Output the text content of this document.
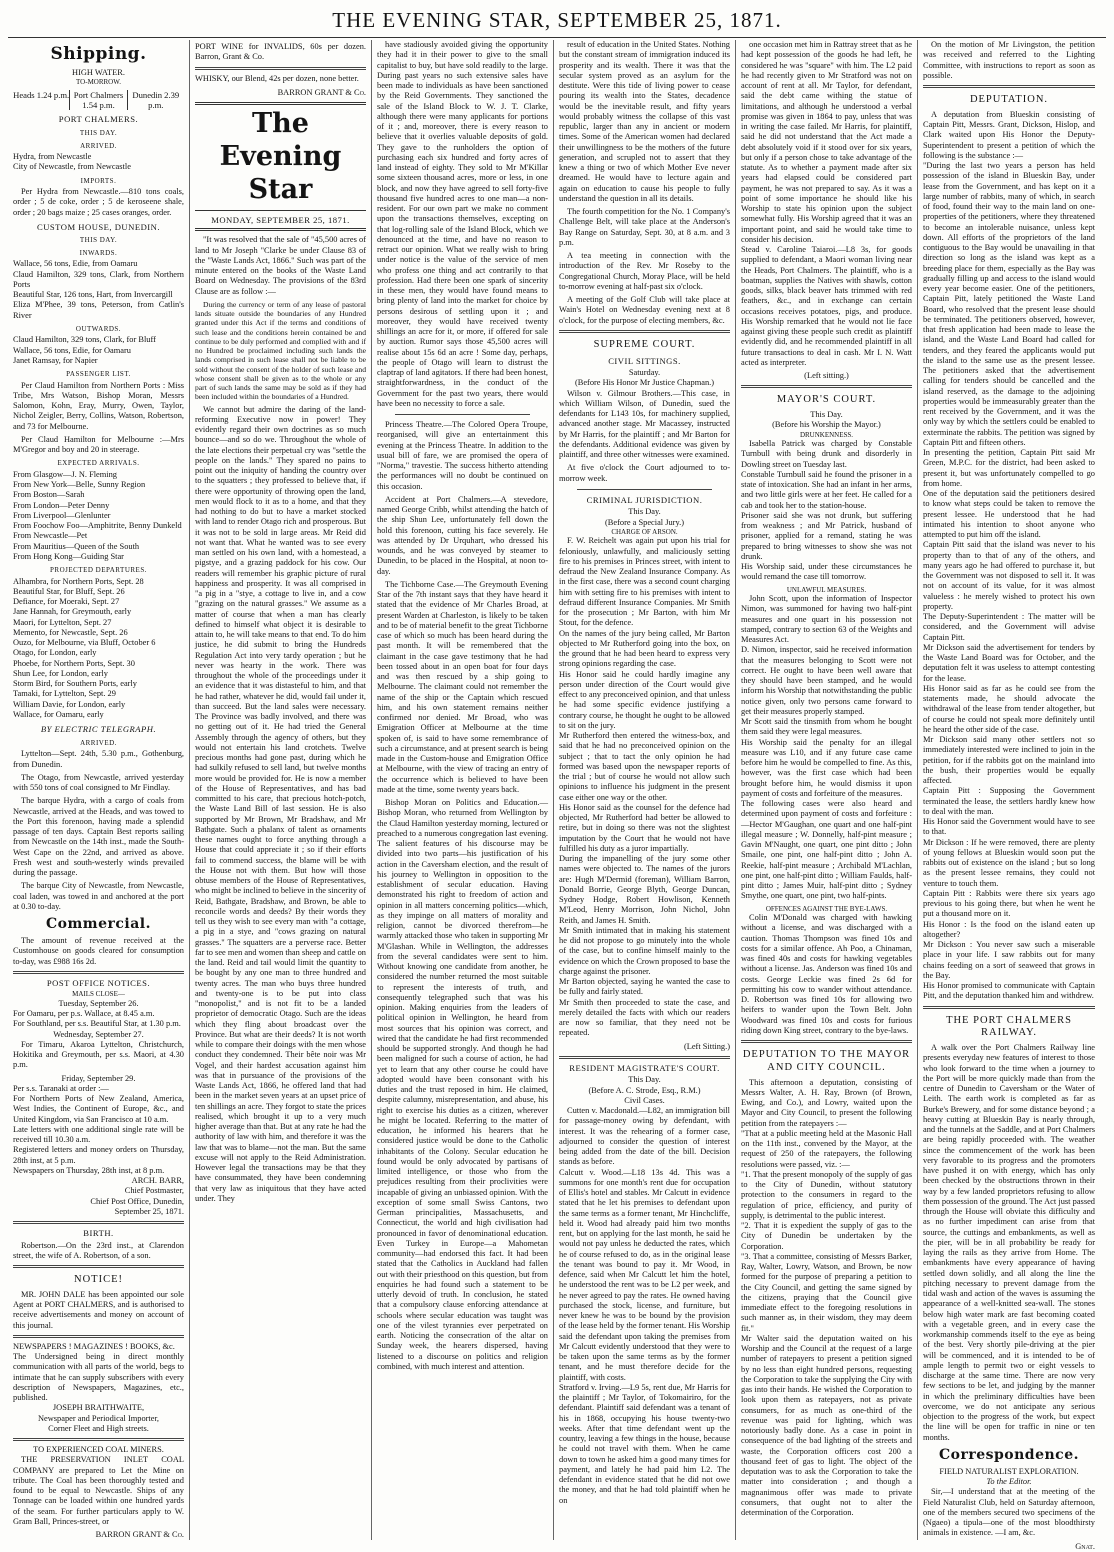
THE EVENING STAR, SEPTEMBER 25, 1871.
Shipping.
HIGH WATER.
TO-MORROW.
Heads 1.24 p.m. Port Chalmers 1.54 p.m.
Dunedin 2.39 p.m.
PORT CHALMERS.
THIS DAY.
ARRIVED.
Hydra, from Newcastle
City of Newcastle, from Newcastle
IMPORTS.
Per Hydra from Newcastle.—810 tons coals, order ; 5 de coke, order ; 5 de keroseene shale, order ; 20 bags maize ; 25 cases oranges, order.
CUSTOM HOUSE, DUNEDIN.
THIS DAY.
INWARDS.
Wallace, 56 tons, Edie, from Oamaru
Claud Hamilton, 329 tons, Clark, from Northern Ports
Beautiful Star, 126 tons, Hart, from Invercargill
Eliza M'Phee, 39 tons, Peterson, from Catlin's River
OUTWARDS.
Claud Hamilton, 329 tons, Clark, for Bluff
Wallace, 56 tons, Edie, for Oamaru
Janet Ramsay, for Napier
PASSENGER LIST.
Per Claud Hamilton from Northern Ports : Miss Tribe, Mrs Watson, Bishop Moran, Messrs Salomon, Kohn, Eray, Murry, Owen, Taylor, Nichol Zeigler, Berry, Collins, Watson, Robertson, and 73 for Melbourne.
Per Claud Hamilton for Melbourne :—Mrs M'Gregor and boy and 20 in steerage.
EXPECTED ARRIVALS.
From Glasgow—J. N. Fleming
From New York—Belle, Sunny Region
From Boston—Sarah
From London—Peter Denny
From Liverpool—Glenlunter
From Foochow Foo—Amphitrite, Benny Dunkeld
From Newcastle—Pet
From Mauritius—Queen of the South
From Hong Kong—Guiding Star
PROJECTED DEPARTURES.
Alhambra, for Northern Ports, Sept. 28
Beautiful Star, for Bluff, Sept. 26
Defiance, for Moeraki, Sept. 27
Jane Hannah, for Greymouth, early
Maori, for Lyttelton, Sept. 27
Memento, for Newcastle, Sept. 26
Ouzo, for Melbourne, via Bluff, October 6
Otago, for London, early
Phoebe, for Northern Ports, Sept. 30
Shun Lee, for London, early
Storm Bird, for Southern Ports, early
Tamaki, for Lyttelton, Sept. 29
William Davie, for London, early
Wallace, for Oamaru, early
BY ELECTRIC TELEGRAPH.
ARRIVED.
Lyttelton—Sept. 24th, 5.30 p.m., Gothenburg, from Dunedin.
The Otago, from Newcastle, arrived yesterday with 550 tons of coal consigned to Mr Findlay.
The barque Hydra, with a cargo of coals from Newcastle, arrived at the Heads, and was towed to the Port this forenoon, having made a splendid passage of ten days. Captain Best reports sailing from Newcastle on the 14th inst., made the South-West Cape on the 22nd, and arrived as above. Fresh west and south-westerly winds prevailed during the passage.
The barque City of Newcastle, from Newcastle, coal laden, was towed in and anchored at the port at 0.30 to-day.
Commercial.
The amount of revenue received at the Customhouse on goods cleared for consumption to-day, was £988 16s 2d.
POST OFFICE NOTICES.
MAILS CLOSE—
Tuesday, September 26.
For Oamaru, per p.s. Wallace, at 8.45 a.m.
For Southland, per s.s. Beautiful Star, at 1.30 p.m.
Wednesday, September 27.
For Timaru, Akaroa Lyttelton, Christchurch, Hokitika and Greymouth, per s.s. Maori, at 4.30 p.m.
Friday, September 29.
Per s.s. Taranaki at order :—
For Northern Ports of New Zealand, America, West Indies, the Continent of Europe, &c., and United Kingdom, via San Francisco at 10 a.m.
Late letters with one additional single rate will be received till 10.30 a.m.
Registered letters and money orders on Thursday, 28th inst, at 5 p.m.
Newspapers on Thursday, 28th inst, at 8 p.m.
ARCH. BARR,
Chief Postmaster,
Chief Post Office, Dunedin,
September 25, 1871.
BIRTH.
Robertson.—On the 23rd inst., at Clarendon street, the wife of A. Robertson, of a son.
NOTICE!
MR. JOHN DALE has been appointed our sole Agent at PORT CHALMERS, and is authorised to receive advertisements and money on account of this journal.
NEWSPAPERS ! MAGAZINES ! BOOKS, &c.
The Undersigned being in direct monthly communication with all parts of the world, begs to intimate that he can supply subscribers with every description of Newspapers, Magazines, etc., published.
JOSEPH BRAITHWAITE,
Newspaper and Periodical Importer,
Corner Fleet and High streets.
TO EXPERIENCED COAL MINERS.
THE PRESERVATION INLET COAL COMPANY are prepared to Let the Mine on tribute. The Coal has been thoroughly tested and found to be equal to Newcastle. Ships of any Tonnage can be loaded within one hundred yards of the seam. For further particulars apply to W. Gram Ball, Princes-street, or
BARRON GRANT & Co.
PORT WINE for INVALIDS, 60s per dozen. Barron, Grant & Co.
WHISKY, our Blend, 42s per dozen, none better.
BARRON GRANT & Co.
The Evening Star
MONDAY, SEPTEMBER 25, 1871.
"It was resolved that the sale of "45,500 acres of land to Mr Joseph "Clarke be under Clause 83 of the "Waste Lands Act, 1866." Such was part of the minute entered on the books of the Waste Land Board on Wednesday. The provisions of the 83rd Clause are as follow :—
During the currency or term of any lease of pastoral lands situate outside the boundaries of any Hundred granted under this Act if the terms and conditions of such lease and the conditions herein contained be and continue to be duly performed and complied with and if no Hundred be proclaimed including such lands the lands comprised in such lease shall not be liable to be sold without the consent of the holder of such lease and whose consent shall be given as to the whole or any part of such lands the same may be sold as if they had been included within the boundaries of a Hundred.
We cannot but admire the daring of the land-reforming Executive now in power! They evidently regard their own doctrines as so much bounce—and so do we. Throughout the whole of the late elections their perpetual cry was "settle the people on the lands." They spared no pains to point out the iniquity of handing the country over to the squatters ; they professed to believe that, if there were opportunity of throwing open the land, men would flock to it as to a home, and that they had nothing to do but to have a market stocked with land to render Otago rich and prosperous. But it was not to be sold in large areas. Mr Reid did not want that. What he wanted was to see every man settled on his own land, with a homestead, a pigstye, and a grazing paddock for his cow. Our readers will remember his graphic picture of rural happiness and prosperity. It was all comprised in "a pig in a "stye, a cottage to live in, and a cow "grazing on the natural grasses." We assume as a matter of course that when a man has clearly defined to himself what object it is desirable to attain to, he will take means to that end. To do him justice, he did submit to bring the Hundreds Regulation Act into very tardy operation ; but he never was hearty in the work. There was throughout the whole of the proceedings under it an evidence that it was distasteful to him, and that he had rather, whatever he did, would fail under it, than succeed. But the land sales were necessary. The Province was badly involved, and there was no getting out of it. He had tried the General Assembly through the agency of others, but they would not entertain his land crotchets. Twelve precious months had gone past, during which he had sulkily refused to sell land, but twelve months more would be provided for. He is now a member of the House of Representatives, and has bad committed to his care, that precious hotch-potch, the Waste Land Bill of last session. He is also supported by Mr Brown, Mr Bradshaw, and Mr Bathgate. Such a phalanx of talent as ornaments these names ought to force anything through a House that could appreciate it ; so if their efforts fail to commend success, the blame will be with the House not with them. But how will those obtuse members of the House of Representatives, who might be inclined to believe in the sincerity of Reid, Bathgate, Bradshaw, and Brown, be able to reconcile words and deeds? By their words they tell us they wish to see every man with "a cottage, a pig in a stye, and "cows grazing on natural grasses." The squatters are a perverse race. Better far to see men and women than sheep and cattle on the land. Reid and tail would limit the quantity to be bought by any one man to three hundred and twenty acres. The man who buys three hundred and twenty-one is to be put into class "monopolist," and is not fit to be a landed proprietor of democratic Otago. Such are the ideas which they fling about broadcast over the Province. But what are their deeds? It is not worth while to compare their doings with the men whose conduct they condemned. Their bête noir was Mr Vogel, and their hardest accusation against him was that in pursuance of the provisions of the Waste Lands Act, 1866, he offered land that had been in the market seven years at an upset price of ten shillings an acre. They forgot to state the prices realised, which brought it up to a very much higher average than that. But at any rate he had the authority of law with him, and therefore it was the law that was to blame—not the man. But the same excuse will not apply to the Reid Administration. However legal the transactions may be that they have consummated, they have been condemning that very law as iniquitous that they have acted under. They
have stadiously avoided giving the opportunity they had it in their power to give to the small capitalist to buy, but have sold readily to the large. During past years no such extensive sales have been made to individuals as have been sanctioned by the Reid Governments. They sanctioned the sale of the Island Block to W. J. T. Clarke, although there were many applicants for portions of it ; and, moreover, there is every reason to believe that it overlies valuable deposits of gold. They gave to the runholders the option of purchasing each six hundred and forty acres of land instead of eighty. They sold to Mr M'Killar some sixteen thousand acres, more or less, in one block, and now they have agreed to sell forty-five thousand five hundred acres to one man—a non-resident. For our own part we make no comment upon the transactions themselves, excepting on that log-rolling sale of the Island Block, which we denounced at the time, and have no reason to retract our opinion. What we really wish to bring under notice is the value of the service of men who profess one thing and act contrarily to that profession. Had there been one spark of sincerity in these men, they would have found means to bring plenty of land into the market for choice by persons desirous of settling upon it ; and moreover, they would have received twenty shillings an acre for it, or more, if offered for sale by auction. Rumor says those 45,500 acres will realise about 15s 6d an acre ! Some day, perhaps, the people of Otago will learn to distrust the claptrap of land agitators. If there had been honest, straightforwardness, in the conduct of the Government for the past two years, there would have been no necessity to force a sale.
Princess Theatre.—The Colored Opera Troupe, reorganised, will give an entertainment this evening at the Princess Theatre. In addition to the usual bill of fare, we are promised the opera of "Norma," travestie. The success hitherto attending the performances will no doubt be continued on this occasion.
Accident at Port Chalmers.—A stevedore, named George Cribb, whilst attending the hatch of the ship Shun Lee, unfortunately fell down the hold this forenoon, cutting his face severely. He was attended by Dr Urquhart, who dressed his wounds, and he was conveyed by steamer to Dunedin, to be placed in the Hospital, at noon to-day.
The Tichborne Case.—The Greymouth Evening Star of the 7th instant says that they have heard it stated that the evidence of Mr Charles Broad, at present Warden at Charleston, is likely to be taken and to be of material benefit to the great Tichborne case of which so much has been heard during the past month. It will be remembered that the claimant in the case gave testimony that he had been tossed about in an open boat for four days and was then rescued by a ship going to Melbourne. The claimant could not remember the name of the ship or the Captain which rescued him, and his own statement remains neither confirmed nor denied. Mr Broad, who was Emigration Officer at Melbourne at the time spoken of, is said to have some remembrance of such a circumstance, and at present search is being made in the Custom-house and Emigration Office at Melbourne, with the view of tracing an entry of the occurrence which is believed to have been made at the time, some twenty years back.
Bishop Moran on Politics and Education.—Bishop Moran, who returned from Wellington by the Claud Hamilton yesterday morning, lectured or preached to a numerous congregation last evening. The salient features of his discourse may be divided into two parts—his justification of his action in the Caversham election, and the result of his journey to Wellington in opposition to the establishment of secular education. Having demonstrated his right to freedom of action and opinion in all matters concerning politics—which, as they impinge on all matters of morality and religion, cannot be divorced therefrom—he warmly attacked those who taken in supporting Mr M'Glashan. While in Wellington, the addresses from the several candidates were sent to him. Without knowing one candidate from another, he considered the number returned the most suitable to represent the interests of truth, and consequently telegraphed such that was his opinion. Making enquiries from the leaders of political opinion in Wellington, he heard from most sources that his opinion was correct, and wired that the candidate he had first recommended should be supported strongly. And though he had been maligned for such a course of action, he had yet to learn that any other course he could have adopted would have been consonant with his duties and the trust reposed in him. He claimed, despite calumny, misrepresentation, and abuse, his right to exercise his duties as a citizen, wherever he might be located. Referring to the matter of education, he informed his hearers that he considered justice would be done to the Catholic inhabitants of the Colony. Secular education he found would be only advocated by partisans of limited intelligence, or those who from the prejudices resulting from their proclivities were incapable of giving an unbiassed opinion. With the exception of some small Swiss Cantons, two German principalities, Massachusetts, and Connecticut, the world and high civilisation had pronounced in favor of denominational education. Even Turkey in Europe—a Mahometan community—had endorsed this fact. It had been stated that the Catholics in Auckland had fallen out with their priesthood on this question, but from enquiries he had found such a statement to be utterly devoid of truth. In conclusion, he stated that a compulsory clause enforcing attendance at schools where secular education was taught was one of the vilest tyrannies ever perpetrated on earth. Noticing the consecration of the altar on Sunday week, the hearers dispersed, having listened to a discourse on politics and religion combined, with much interest and attention.
result of education in the United States. Nothing but the constant stream of immigration induced its prosperity and its wealth. There it was that the secular system proved as an asylum for the destitute. Were this tide of living power to cease pouring its wealth into the States, decadence would be the inevitable result, and fifty years would probably witness the collapse of this vast republic, larger than any in ancient or modern times. Some of the American women had declared their unwillingness to be the mothers of the future generation, and scrupled not to assert that they knew a thing or two of which Mother Eve never dreamed. He would have to lecture again and again on education to cause his people to fully understand the question in all its details.
The fourth competition for the No. 1 Company's Challenge Belt, will take place at the Anderson's Bay Range on Saturday, Sept. 30, at 8 a.m. and 3 p.m.
A tea meeting in connection with the introduction of the Rev. Mr Roseby to the Congregational Church, Moray Place, will be held to-morrow evening at half-past six o'clock.
A meeting of the Golf Club will take place at Wain's Hotel on Wednesday evening next at 8 o'clock, for the purpose of electing members, &c.
SUPREME COURT.
CIVIL SITTINGS.
Saturday.
(Before His Honor Mr Justice Chapman.)
Wilson v. Gilmour Brothers.—This case, in which William Wilson, of Dunedin, sued the defendants for L143 10s, for machinery supplied, advanced another stage. Mr Macassey, instructed by Mr Harris, for the plaintiff ; and Mr Barton for the defendants. Additional evidence was given by plaintiff, and three other witnesses were examined.
At five o'clock the Court adjourned to to-morrow week.
CRIMINAL JURISDICTION.
This Day.
(Before a Special Jury.)
CHARGE OF ARSON.
F. W. Reichelt was again put upon his trial for feloniously, unlawfully, and maliciously setting fire to his premises in Princes street, with intent to defraud the New Zealand Insurance Company. As in the first case, there was a second count charging him with setting fire to his premises with intent to defraud different Insurance Companies. Mr Smith for the prosecution ; Mr Barton, with him Mr Stout, for the defence.
On the names of the jury being called, Mr Barton objected to Mr Rutherford going into the box, on the ground that he had been heard to express very strong opinions regarding the case.
His Honor said he could hardly imagine any person under direction of the Court would give effect to any preconceived opinion, and that unless he had some specific evidence justifying a contrary course, he thought he ought to be allowed to sit on the jury.
Mr Rutherford then entered the witness-box, and said that he had no preconceived opinion on the subject ; that to tact the only opinion he had formed was based upon the newspaper reports of the trial ; but of course he would not allow such opinions to influence his judgment in the present case either one way or the other.
His Honor said as the counsel for the defence had objected, Mr Rutherford had better be allowed to retire, but in doing so there was not the slightest imputation by the Court that he would not have fulfilled his duty as a juror impartially.
During the impanelling of the jury some other names were objected to. The names of the jurors are: Hugh M'Dermid (foreman), William Barron, Donald Borrie, George Blyth, George Duncan, Sydney Hodge, Robert Howlison, Kenneth M'Leod, Henry Morrison, John Nichol, John Reith, and James H. Smith.
Mr Smith intimated that in making his statement he did not propose to go minutely into the whole of the case, but to confine himself mainly to the evidence on which the Crown proposed to base the charge against the prisoner.
Mr Barton objected, saying he wanted the case to be fully and fairly stated.
Mr Smith then proceeded to state the case, and merely detailed the facts with which our readers are now so familiar, that they need not be repeated.
(Left Sitting.)
RESIDENT MAGISTRATE'S COURT.
This Day.
(Before A. C. Strode, Esq., R.M.)
Civil Cases.
Cutten v. Macdonald.—L82, an immigration bill for passage-money owing by defendant, with interest. It was the rehearing of a former case, adjourned to consider the question of interest being added from the date of the bill. Decision stands as before.
Calcutt v. Wood.—L18 13s 4d. This was a summons for one month's rent due for occupation of Ellis's hotel and stables. Mr Calcutt in evidence stated that he let his premises to defendant upon the same terms as a former tenant, Mr Hinchcliffe, held it. Wood had already paid him two months rent, but on applying for the last month, he said he would not pay unless he deducted the rates, which he of course refused to do, as in the original lease the tenant was bound to pay it. Mr Wood, in defence, said when Mr Calcutt let him the hotel, he understood the rent was to be L2 per week, and he never agreed to pay the rates. He owned having purchased the stock, license, and furniture, but never knew he was to be bound by the provision of the lease held by the former tenant. His Worship said the defendant upon taking the premises from Mr Calcutt evidently understood that they were to be taken upon the same terms as by the former tenant, and he must therefore decide for the plaintiff, with costs.
Stratford v. Irving.—L9 5s, rent due, Mr Harris for the plaintiff ; Mr Taylor, of Tokomairiro, for the defendant. Plaintiff said defendant was a tenant of his in 1868, occupying his house twenty-two weeks. After that time defendant went up the country, leaving a few things in the house, because he could not travel with them. When he came down to town he asked him a good many times for payment, and lately he had paid him L2. The defendant in evidence stated that he did not owe the money, and that he had told plaintiff when he on
one occasion met him in Rattray street that as he had kept possession of the goods he had left, he considered he was "square" with him. The L2 paid he had recently given to Mr Stratford was not on account of rent at all. Mr Taylor, for defendant, said the debt came withing the statue of limitations, and although he understood a verbal promise was given in 1864 to pay, unless that was in writing the case failed. Mr Harris, for plaintiff, said he did not understand that the Act made a debt absolutely void if it stood over for six years, but only if a person chose to take advantage of the statute. As to whether a payment made after six years had elapsed could be considered part payment, he was not prepared to say. As it was a point of some importance he should like his Worship to state his opinion upon the subject somewhat fully. His Worship agreed that it was an important point, and said he would take time to consider his decision.
Stead v. Caroline Taiaroi.—L8 3s, for goods supplied to defendant, a Maori woman living near the Heads, Port Chalmers. The plaintiff, who is a boatman, supplies the Natives with shawls, cotton goods, silks, black beaver hats trimmed with red feathers, &c., and in exchange can certain occasions receives potatoes, pigs, and produce. His Worship remarked that he would not lie face against giving these people such credit as plaintiff evidently did, and he recommended plaintiff in all future transactions to deal in cash. Mr I. N. Watt acted as interpreter.
(Left sitting.)
MAYOR'S COURT.
This Day.
(Before his Worship the Mayor.)
DRUNKENNESS.
Isabella Patrick was charged by Constable Turnbull with being drunk and disorderly in Dowling street on Tuesday last.
Constable Turnbull said he found the prisoner in a state of intoxication. She had an infant in her arms, and two little girls were at her feet. He called for a cab and took her to the station-house.
Prisoner said she was not drunk, but suffering from weakness ; and Mr Patrick, husband of prisoner, applied for a remand, stating he was prepared to bring witnesses to show she was not drunk.
His Worship said, under these circumstances he would remand the case till tomorrow.
UNLAWFUL MEASURES.
John Scott, upon the information of Inspector Nimon, was summoned for having two half-pint measures and one quart in his possession not stamped, contrary to section 63 of the Weights and Measures Act.
D. Nimon, inspector, said he received information that the measures belonging to Scott were not correct. He ought to have been well aware that they should have been stamped, and he would inform his Worship that notwithstanding the public notice given, only two persons came forward to get their measures properly stamped.
Mr Scott said the tinsmith from whom he bought them said they were legal measures.
His Worship said the penalty for an illegal measure was L10, and if any future case came before him he would be compelled to fine. As this, however, was the first case which had been brought before him, he would dismiss it upon payment of costs and forfeiture of the measures.
The following cases were also heard and determined upon payment of costs and forfeiture :—Hector M'Gaughan, one quart and one half-pint illegal measure ; W. Donnelly, half-pint measure ; Gavin M'Naught, one quart, one pint ditto ; John Smaile, one pint, one half-pint ditto ; John A. Reekie, half-pint measure ; Archibald M'Lachlan, one pint, one half-pint ditto ; William Faulds, half-pint ditto ; James Muir, half-pint ditto ; Sydney Smythe, one quart, one pint, two half-pints.
OFFENCES AGAINST THE BYE-LAWS.
Colin M'Donald was charged with hawking without a license, and was discharged with a caution. Thomas Thompson was fined 10s and costs for a similar offence. Ah Poo, a Chinaman, was fined 40s and costs for hawking vegetables without a license. Jas. Anderson was fined 10s and costs. George Leckie was fined 2s 6d for permitting his cow to wander without attendance. D. Robertson was fined 10s for allowing two heifers to wander upon the Town Belt. John Woodward was fined 10s and costs for furious riding down King street, contrary to the bye-laws.
DEPUTATION TO THE MAYOR AND CITY COUNCIL.
This afternoon a deputation, consisting of Messrs Walter, A. H. Ray, Brown (of Brown, Ewing, and Co.), and Lowry, waited upon the Mayor and City Council, to present the following petition from the ratepayers :—
"That at a public meeting held at the Masonic Hall on the 11th inst., convened by the Mayor, at the request of 250 of the ratepayers, the following resolutions were passed, viz. :—
"1. That the present monopoly of the supply of gas to the City of Dunedin, without statutory protection to the consumers in regard to the regulation of price, efficiency, and purity of supply, is detrimental to the public interest.
"2. That it is expedient the supply of gas to the City of Dunedin be undertaken by the Corporation.
"3. That a committee, consisting of Messrs Barker, Ray, Walter, Lowry, Watson, and Brown, be now formed for the purpose of preparing a petition to the City Council, and getting the same signed by the citizens, praying that the Council give immediate effect to the foregoing resolutions in such manner as, in their wisdom, they may deem fit."
Mr Walter said the deputation waited on his Worship and the Council at the request of a large number of ratepayers to present a petition signed by no less than eight hundred persons, requesting the Corporation to take the supplying the City with gas into their hands. He wished the Corporation to look upon them as ratepayers, not as private consumers, for as much as one-third of the revenue was paid for lighting, which was notoriously badly done. As a case in point in consequence of the bad lighting of the streets and waste, the Corporation officers cost 200 a thousand feet of gas to light. The object of the deputation was to ask the Corporation to take the matter into consideration ; and though a magnanimous offer was made to private consumers, that ought not to alter the determination of the Corporation.
On the motion of Mr Livingston, the petition was received and referred to the Lighting Committee, with instructions to report as soon as possible.
DEPUTATION.
A deputation from Blueskin consisting of Captain Pitt, Messrs. Grant, Dickson, Hislop, and Clark waited upon His Honor the Deputy-Superintendent to present a petition of which the following is the substance :—
"During the last two years a person has held possession of the island in Blueskin Bay, under lease from the Government, and has kept on it a large number of rabbits, many of which, in search of food, found their way to the main land on one-properties of the petitioners, where they threatened to become an intolerable nuisance, unless kept down. All efforts of the proprietors of the land contiguous to the Bay would be unavailing in that direction so long as the island was kept as a breeding place for them, especially as the Bay was gradually filling up and access to the island would every year become easier. One of the petitioners, Captain Pitt, lately petitioned the Waste Land Board, who resolved that the present lease should be terminated. The petitioners observed, however, that fresh application had been made to lease the island, and the Waste Land Board had called for tenders, and they feared the applicants would put the island to the same use as the present lessee. The petitioners asked that the advertisement calling for tenders should be cancelled and the island reserved, as the damage to the adjoining properties would be immeasurably greater than the rent received by the Government, and it was the only way by which the settlers could be enabled to exterminate the rabbits. The petition was signed by Captain Pitt and fifteen others.
In presenting the petition, Captain Pitt said Mr Green, M.P.C. for the district, had been asked to present it, but was unfortunately compelled to go from home.
One of the deputation said the petitioners desired to know what steps could be taken to remove the present lessee. He understood that he had intimated his intention to shoot anyone who attempted to put him off the island.
Captain Pitt said that the island was never to his property than to that of any of the others, and many years ago he had offered to purchase it, but the Government was not disposed to sell it. It was not on account of its value, for it was almost valueless : he merely wished to protect his own property.
The Deputy-Superintendent : The matter will be considered, and the Government will advise Captain Pitt.
Mr Dickson said the advertisement for tenders by the Waste Land Board was for October, and the deputation felt it was useless to attempt contesting for the lease.
His Honor said as far as he could see from the statements made, he should advocate the withdrawal of the lease from tender altogether, but of course he could not speak more definitely until he heard the other side of the case.
Mr Dickson said many other settlers not so immediately interested were inclined to join in the petition, for if the rabbits got on the mainland into the bush, their properties would be equally affected.
Captain Pitt : Supposing the Government terminated the lease, the settlers hardly knew how to deal with the man.
His Honor said the Government would have to see to that.
Mr Dickson : If he were removed, there are plenty of young fellows at Blueskin would soon put the rabbits out of existence on the island ; but so long as the present lessee remains, they could not venture to touch them.
Captain Pitt : Rabbits were there six years ago previous to his going there, but when he went he put a thousand more on it.
His Honor : Is the food on the island eaten up altogether?
Mr Dickson : You never saw such a miserable place in your life. I saw rabbits out for many chains feeding on a sort of seaweed that grows in the Bay.
His Honor promised to communicate with Captain Pitt, and the deputation thanked him and withdrew.
THE PORT CHALMERS RAILWAY.
A walk over the Port Chalmers Railway line presents everyday new features of interest to those who look forward to the time when a journey to the Port will be more quickly made than from the centre of Dunedin to Caversham or the Water of Leith. The earth work is completed as far as Burke's Brewery, and for some distance beyond ; a heavy cutting at Blueskin Bay is nearly through, and the tunnels at the Saddle, and at Port Chalmers are being rapidly proceeded with. The weather since the commencement of the work has been very favorable to its progress and the promoters have pushed it on with energy, which has only been checked by the obstructions thrown in their way by a few landed proprietors refusing to allow them possession of the ground. The Act just passed through the House will obviate this difficulty and as no further impediment can arise from that source, the cuttings and embankments, as well as the pier, will be in all probability be ready for laying the rails as they arrive from Home. The embankments have every appearance of having settled down solidly, and all along the line the pitching necessary to prevent damage from the tidal wash and action of the waves is assuming the appearance of a well-knitted sea-wall. The stones below high water mark are fast becoming coated with a vegetable green, and in every case the workmanship commends itself to the eye as being of the best. Very shortly pile-driving at the pier will be commenced, and it is intended to be of ample length to permit two or eight vessels to discharge at the same time. There are now very few sections to be let, and judging by the manner in which the preliminary difficulties have been overcome, we do not anticipate any serious objection to the progress of the work, but expect the line will be open for traffic in nine or ten months.
Correspondence.
FIELD NATURALIST EXPLORATION.
To the Editor.
Sir,—I understand that at the meeting of the Field Naturalist Club, held on Saturday afternoon, one of the members secured two specimens of the (Ngaeo) a tipula—one of the most bloodthirsty animals in existence. —I am, &c.
Gnat.
